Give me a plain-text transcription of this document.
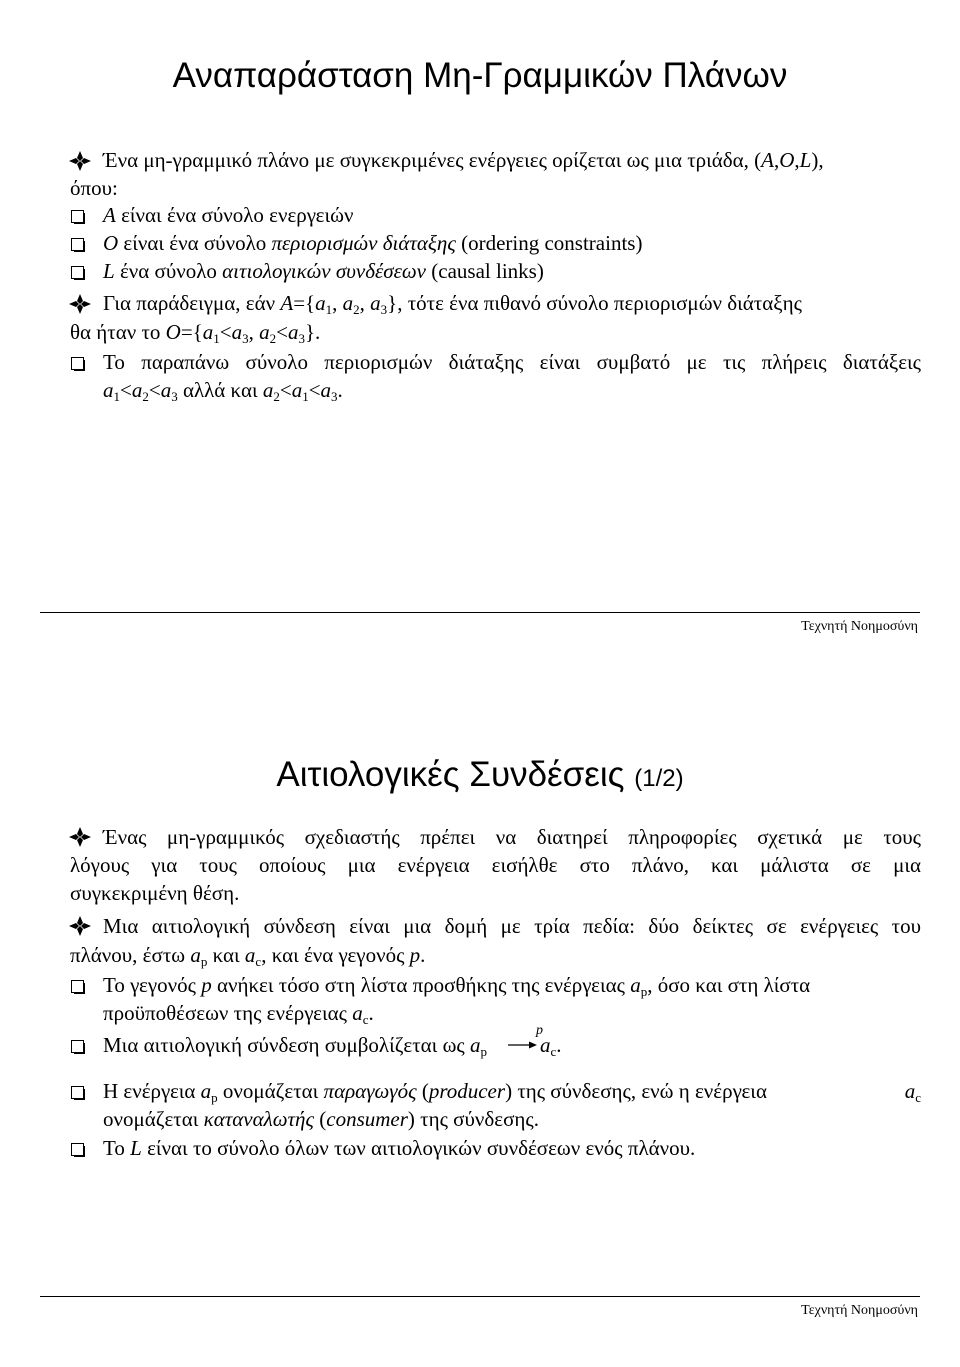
Αναπαράσταση Μη-Γραμμικών Πλάνων
Ένα μη-γραμμικό πλάνο με συγκεκριμένες ενέργειες ορίζεται ως μια τριάδα, (A,O,L),
όπου:
A είναι ένα σύνολο ενεργειών
O είναι ένα σύνολο περιορισμών διάταξης (ordering constraints)
L ένα σύνολο αιτιολογικών συνδέσεων (causal links)
Για παράδειγμα, εάν $A=\{a_1$, $a_2$, $a_3$}, τότε ένα πιθανό σύνολο περιορισμών διάταξης
θα ήταν το $O=\{a_1<a_3$, $a_2<a_3$}.
Το παραπάνω σύνολο περιορισμών διάταξης είναι συμβατό με τις πλήρεις διατάξεις
$a_1<a_2<a_3$ αλλά και $a_2<a_1<a_3$.
Τεχνητή Νοημοσύνη
Αιτιολογικές Συνδέσεις (1/2)
Ένας μη-γραμμικός σχεδιαστής πρέπει να διατηρεί πληροφορίες σχετικά με τους
λόγους για τους οποίους μια ενέργεια εισήλθε στο πλάνο, και μάλιστα σε μια
συγκεκριμένη θέση.
Μια αιτιολογική σύνδεση είναι μια δομή με τρία πεδία: δύο δείκτες σε ενέργειες του
πλάνου, έστω $a_p$ και $a_c$, και ένα γεγονός p.
Το γεγονός p ανήκει τόσο στη λίστα προσθήκης της ενέργειας $a_p$, όσο και στη λίστα
προϋποθέσεων της ενέργειας $a_c$.
Μια αιτιολογική σύνδεση συμβολίζεται ως $a_p$
p
$a_c$.
Η ενέργεια $a_p$ ονομάζεται παραγωγός (producer) της σύνδεσης, ενώ η ενέργεια	$a_c$
ονομάζεται καταναλωτής (consumer) της σύνδεσης.
Το L είναι το σύνολο όλων των αιτιολογικών συνδέσεων ενός πλάνου.
Τεχνητή Νοημοσύνη
